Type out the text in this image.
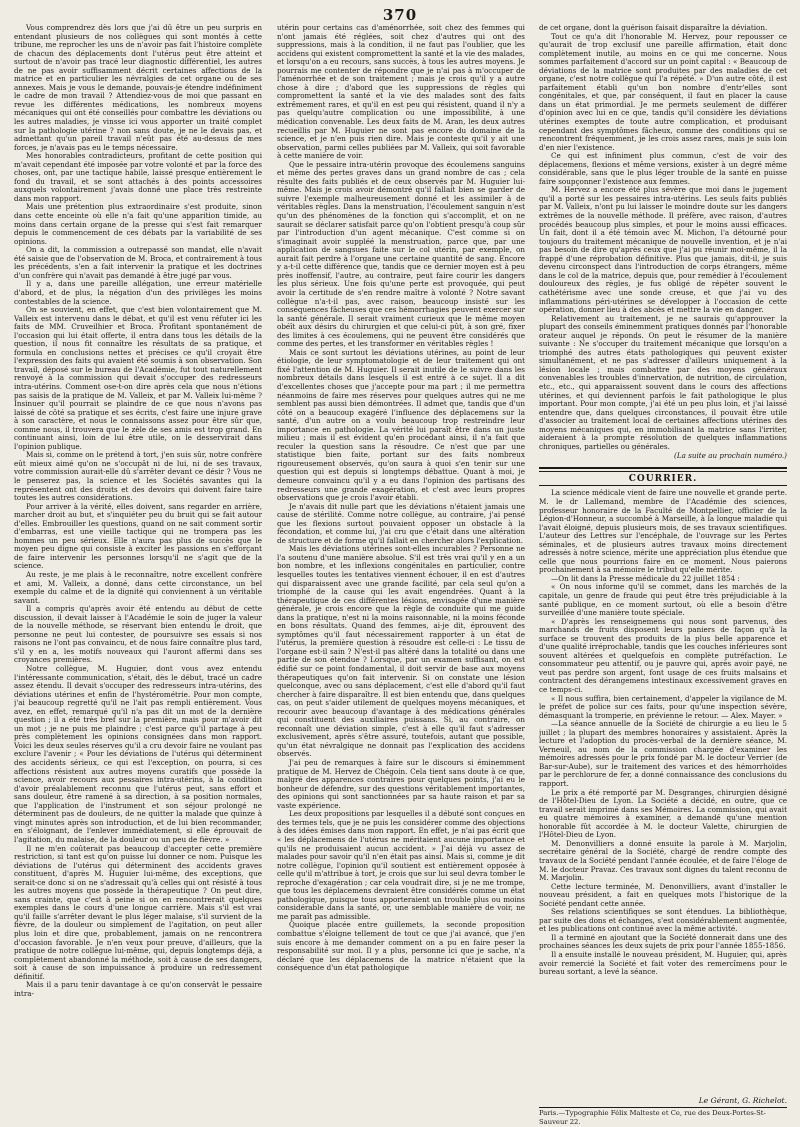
370

Vous comprendrez dès lors que j'ai dû être un peu surpris en entendant plusieurs de nos collègues qui sont montés à cette tribune, me reprocher les uns de n'avoir pas fait l'histoire complète de chacun des déplacements dont l'utérus peut être atteint et surtout de n'avoir pas tracé leur diagnostic différentiel, les autres de ne pas avoir suffisamment décrit certaines affections de la matrice et en particulier les névralgies de cet organe ou de ses annexes. Mais je vous le demande, pouvais-je étendre indéfiniment le cadre de mon travail ? Attendiez-vous de moi que passant en revue les différentes médications, les nombreux moyens mécaniques qui ont été conseillés pour combattre les déviations ou les autres maladies, je vinsse ici vous apporter un traité complet sur la pathologie utérine ? non sans doute, je ne le devais pas, et admettant qu'un pareil travail n'eût pas été au-dessus de mes forces, je n'avais pas eu le temps nécessaire.

Mes honorables contradicteurs, profitant de cette position qui m'avait cependant été imposée par votre volonté et par la force des choses, ont, par une tactique habile, laissé presque entièrement le fond du travail, et se sont attachés à des points accessoires auxquels volontairement j'avais donné une place très restreinte dans mon rapport.

Mais une prétention plus extraordinaire s'est produite, sinon dans cette enceinte où elle n'a fait qu'une apparition timide, au moins dans certain organe de la presse qui s'est fait remarquer depuis le commencement de ces débats par la variabilité de ses opinions.

On a dit, la commission a outrepassé son mandat, elle n'avait été saisie que de l'observation de M. Broca, et contrairement à tous les précédents, s'en a fait intervenir la pratique et les doctrines d'un confrère qui n'avait pas demandé à être jugé par vous.

Il y a, dans une pareille allégation, une erreur matérielle d'abord, et de plus, la négation d'un des privilèges les moins contestables de la science.

On se souvient, en effet, que c'est bien volontairement que M. Valleix est intervenu dans le débat, et qu'il est venu réfuter ici les faits de MM. Cruveilhier et Broca. Profitant spontanément de l'occasion qui lui était offerte, il entra dans tous les détails de la question, il nous fit connaître les résultats de sa pratique, et formula en conclusions nettes et précises ce qu'il croyait être l'expression des faits qui avaient été soumis à son observation. Son travail, déposé sur le bureau de l'Académie, fut tout naturellement renvoyé à la commission qui devait s'occuper des redresseurs intra-utérins. Comment ose-t-on dire après cela que nous n'étions pas saisis de la pratique de M. Valleix, et par M. Valleix lui-même ? Insinuer qu'il pourrait se plaindre de ce que nous n'avons pas laissé de côté sa pratique et ses écrits, c'est faire une injure grave à son caractère, et nous le connaissons assez pour être sûr que, comme nous, il trouvera que le zèle de ses amis est trop grand. En continuant ainsi, loin de lui être utile, on le desservirait dans l'opinion publique.

Mais si, comme on le prétend à tort, j'en suis sûr, notre confrère eût mieux aimé qu'on ne s'occupât ni de lui, ni de ses travaux, votre commission aurait-elle dû s'arrêter devant ce désir ? Vous ne le penserez pas, la science et les Sociétés savantes qui la représentent ont des droits et des devoirs qui doivent faire taire toutes les autres considérations.

Pour arriver à la vérité, elles doivent, sans regarder en arrière, marcher droit au but, et s'inquiéter peu du bruit qui se fait autour d'elles. Embrouiller les questions, quand on ne sait comment sortir d'embarras, est une vieille tactique qui ne trompera pas les hommes un peu sérieux. Elle n'aura pas plus de succès que le moyen peu digne qui consiste à exciter les passions en s'efforçant de faire intervenir les personnes lorsqu'il ne s'agit que de la science.

Au reste, je me plais à le reconnaître, notre excellent confrère et ami, M. Valleix, a donné, dans cette circonstance, un bel exemple du calme et de la dignité qui conviennent à un véritable savant.

Il a compris qu'après avoir été entendu au début de cette discussion, il devait laisser à l'Académie le soin de juger la valeur de la nouvelle méthode, se réservant bien entendu le droit, que personne ne peut lui contester, de poursuivre ses essais si nos raisons ne l'ont pas convaincu, et de nous faire connaître plus tard, s'il y en a, les motifs nouveaux qui l'auront affermi dans ses croyances premières.

Notre collègue, M. Huguier, dont vous avez entendu l'intéressante communication, s'était, dès le début, tracé un cadre assez étendu. Il devait s'occuper des redresseurs intra-utérins, des déviations utérines et enfin de l'hystérométrie. Pour mon compte, j'ai beaucoup regretté qu'il ne l'ait pas rempli entièrement. Vous avez, en effet, remarqué qu'il n'a pas dit un mot de la dernière question ; il a été très bref sur la première, mais pour m'avoir dit un mot ; je ne puis me plaindre ; c'est parce qu'il partage à peu près complètement les opinions consignées dans mon rapport. Voici les deux seules réserves qu'il a cru devoir faire ne voulant pas exclure l'avenir ; « Pour les déviations de l'utérus qui déterminent des accidents sérieux, ce qui est l'exception, on pourra, si ces affections résistent aux autres moyens curatifs que possède la science, avoir recours aux pessaires intra-utérins, à la condition d'avoir préalablement reconnu que l'utérus peut, sans effort et sans douleur, être ramené à sa direction, à sa position normales, que l'application de l'instrument et son séjour prolongé ne déterminent pas de douleurs, de ne quitter la malade que quinze à vingt minutes après son introduction, et de lui bien recommander, en s'éloignant, de l'enlever immédiatement, si elle éprouvait de l'agitation, du malaise, de la douleur ou un peu de fièvre. »

Il ne m'en coûterait pas beaucoup d'accepter cette première restriction, si tant est qu'on puisse lui donner ce nom. Puisque les déviations de l'utérus qui déterminent des accidents graves constituent, d'après M. Huguier lui-même, des exceptions, que serait-ce donc si on ne s'adressait qu'à celles qui ont résisté à tous les autres moyens que possède la thérapeutique ? On peut dire, sans crainte, que c'est à peine si on en rencontrerait quelques exemples dans le cours d'une longue carrière. Mais s'il est vrai qu'il faille s'arrêter devant le plus léger malaise, s'il survient de la fièvre, de la douleur ou simplement de l'agitation, on peut aller plus loin et dire que, probablement, jamais on ne rencontrera d'occasion favorable. Je n'en veux pour preuve, d'ailleurs, que la pratique de notre collègue lui-même, qui, depuis longtemps déjà, a complètement abandonné la méthode, soit à cause de ses dangers, soit à cause de son impuissance à produire un redressement définitif.

Mais il a paru tenir davantage à ce qu'on conservât le pessaire intra-

utérin pour certains cas d'aménorrhée, soit chez des femmes qui n'ont jamais été réglées, soit chez d'autres qui ont des suppressions, mais à la condition, il ne faut pas l'oublier, que les accidens qui existent compromettent la santé et la vie des malades, et lorsqu'on a eu recours, sans succès, à tous les autres moyens. Je pourrais me contenter de répondre que je n'ai pas à m'occuper de l'aménorrhée et de son traitement ; mais je crois qu'il y a autre chose à dire ; d'abord que les suppressions de règles qui compromettent la santé et la vie des malades sont des faits extrêmement rares, et qu'il en est peu qui résistent, quand il n'y a pas quelqu'autre complication ou une impossibilité, à une médication convenable. Les deux faits de M. Aran, les deux autres recueillis par M. Huguier ne sont pas encore du domaine de la science, et je n'en puis rien dire. Mais je conteste qu'il y ait une observation, parmi celles publiées par M. Valleix, qui soit favorable à cette manière de voir.

Que le pessaire intra-utérin provoque des écoulemens sanguins et même des pertes graves dans un grand nombre de cas ; cela résulte des faits publiés et de ceux observés par M. Huguier lui-même. Mais je crois avoir démontré qu'il fallait bien se garder de suivre l'exemple malheureusement donné et les assimiler à de véritables règles. Dans la menstruation, l'écoulement sanguin n'est qu'un des phénomènes de la fonction qui s'accomplit, et on ne saurait se déclarer satisfait parce qu'on l'obtient presqu'à coup sûr par l'introduction d'un agent mécanique. C'est comme si on s'imaginait avoir suppléé la menstruation, parce que, par une application de sangsues faite sur le col utérin, par exemple, on aurait fait perdre à l'organe une certaine quantité de sang. Encore y a-t-il cette différence que, tandis que ce dernier moyen est à peu près inoffensif, l'autre, au contraire, peut faire courir les dangers les plus sérieux. Une fois qu'une perte est provoquée, qui peut avoir la certitude de s'en rendre maître à volonté ? Notre savant collègue n'a-t-il pas, avec raison, beaucoup insisté sur les conséquences fâcheuses que ces hémorrhagies peuvent exercer sur la santé générale. Il serait vraiment curieux que le même moyen obéît aux désirs du chirurgien et que celui-ci pût, à son gré, fixer des limites à ces écoulemens, qui ne peuvent être considérés que comme des pertes, et les transformer en véritables règles !

Mais ce sont surtout les déviations utérines, au point de leur étiologie, de leur symptomatologie et de leur traitement qui ont fixé l'attention de M. Huguier. Il serait inutile de le suivre dans les nombreux détails dans lesquels il est entré à ce sujet. Il a dit d'excellentes choses que j'accepte pour ma part ; il me permettra néanmoins de faire mes réserves pour quelques autres qui ne me semblent pas aussi bien démontrées. Il admet que, tandis que d'un côté on a beaucoup exagéré l'influence des déplacemens sur la santé, d'un autre on a voulu beaucoup trop restreindre leur importance en pathologie. La vérité lui paraît être dans un juste milieu ; mais il est évident qu'en procédant ainsi, il n'a fait que reculer la question sans la résoudre. Ce n'est que par une statistique bien faite, portant sur des faits nombreux rigoureusement observés, qu'on saura à quoi s'en tenir sur une question qui est depuis si longtemps débattue. Quant à moi, je demeure convaincu qu'il y a eu dans l'opinion des partisans des redresseurs une grande exagération, et c'est avec leurs propres observations que je crois l'avoir établi.

Je n'avais dit nulle part que les déviations n'étaient jamais une cause de stérilité. Comme notre collègue, au contraire, j'ai pensé que les flexions surtout pouvaient opposer un obstacle à la fécondation, et comme lui, j'ai cru que c'était dans une altération de structure et de forme qu'il fallait en chercher alors l'explication.

Mais les déviations utérines sont-elles incurables ? Personne ne l'a soutenu d'une manière absolue. S'il est très vrai qu'il y en a un bon nombre, et les inflexions congénitales en particulier, contre lesquelles toutes les tentatives viennent échouer, il en est d'autres qui disparaissent avec une grande facilité, par cela seul qu'on a triomphé de la cause qui les avait engendrées. Quant à la thérapeutique de ces différentes lésions, envisagée d'une manière générale, je crois encore que la règle de conduite qui me guide dans la pratique, n'est ni la moins raisonnable, ni la moins féconde en bons résultats. Quand des femmes, ai-je dit, éprouvent des symptômes qu'il faut nécessairement rapporter à un état de l'utérus, la première question à résoudre est celle-ci : Le tissu de l'organe est-il sain ? N'est-il pas altéré dans la totalité ou dans une partie de son étendue ? Lorsque, par un examen suffisant, on est édifié sur ce point fondamental, il doit servir de base aux moyens thérapeutiques qu'on fait intervenir. Si on constate une lésion quelconque, avec ou sans déplacement, c'est elle d'abord qu'il faut chercher à faire disparaître. Il est bien entendu que, dans quelques cas, on peut s'aider utilement de quelques moyens mécaniques, et recourir avec beaucoup d'avantage à des médications générales qui constituent des auxiliaires puissans. Si, au contraire, on reconnaît une déviation simple, c'est à elle qu'il faut s'adresser exclusivement, après s'être assuré, toutefois, autant que possible, qu'un état névralgique ne donnait pas l'explication des accidens observés.

J'ai peu de remarques à faire sur le discours si éminemment pratique de M. Hervez de Chégoin. Cela tient sans doute à ce que, malgré des apparences contraires pour quelques points, j'ai eu le bonheur de défendre, sur des questions véritablement importantes, des opinions qui sont sanctionnées par sa haute raison et par sa vaste expérience.

Les deux propositions par lesquelles il a débuté sont conçues en des termes tels, que je ne puis les considérer comme des objections à des idées émises dans mon rapport. En effet, je n'ai pas écrit que « les déplacemens de l'utérus ne méritaient aucune importance et qu'ils ne produisaient aucun accident. » J'ai déjà vu assez de malades pour savoir qu'il n'en était pas ainsi. Mais si, comme je dit notre collègue, l'opinion qu'il soutient est entièrement opposée à celle qu'il m'attribue à tort, je crois que sur lui seul devra tomber le reproche d'exagération ; car cela voudrait dire, si je ne me trompe, que tous les déplacemens devraient être considérés comme un état pathologique, puisque tous apporteraient un trouble plus ou moins considérable dans la santé, or, une semblable manière de voir, ne me paraît pas admissible.

Quoique placée entre guillemets, la seconde proposition combattue s'éloigne tellement de tout ce que j'ai avancé, que j'en suis encore à me demander comment on a pu en faire peser la responsabilité sur moi. Il y a plus, personne ici que je sache, n'a déclaré que les déplacemens de la matrice n'étaient que la conséquence d'un état pathologique

de cet organe, dont la guérison faisait disparaître la déviation.

Tout ce qu'a dit l'honorable M. Hervez, pour repousser ce qu'aurait de trop exclusif une pareille affirmation, était donc complètement inutile, au moins en ce qui me concerne. Nous sommes parfaitement d'accord sur un point capital : « Beaucoup de déviations de la matrice sont produites par des maladies de cet organe, c'est notre collègue qui l'a répété. » D'un autre côté, il est parfaitement établi qu'un bon nombre d'entr'elles sont congénitales, et que, par conséquent, il faut en placer la cause dans un état primordial. Je me permets seulement de différer d'opinion avec lui en ce que, tandis qu'il considère les déviations utérines exemptes de toute autre complication, et produisant cependant des symptômes fâcheux, comme des conditions qui se rencontrent fréquemment, je les crois assez rares, mais je suis loin d'en nier l'existence.

Ce qui est infiniment plus commun, c'est de voir des déplacemens, flexions et même versions, exister à un degré même considérable, sans que le plus léger trouble de la santé en puisse faire soupçonner l'existence aux femmes.

M. Hervez a encore été plus sévère que moi dans le jugement qu'il a porté sur les pessaires intra-utérins. Les seuls faits publiés par M. Valleix, n'ont pu lui laisser le moindre doute sur les dangers extrêmes de la nouvelle méthode. Il préfère, avec raison, d'autres procédés beaucoup plus simples, et pour le moins aussi efficaces. Un fait, dont il a été témoin avec M. Michon, l'a détourné pour toujours du traitement mécanique de nouvelle invention, et je n'ai pas besoin de dire qu'après ceux que j'ai pu réunir moi-même, il la frappé d'une réprobation définitive. Plus que jamais, dit-il, je suis devenu circonspect dans l'introduction de corps étrangers, même dans le col de la matrice, depuis que, pour remédier à l'écoulement douloureux des règles, je fus obligé de répéter souvent le cathétérisme avec une sonde creuse, et que j'ai vu des inflammations péri-utérines se développer à l'occasion de cette opération, donner lieu à des abcès et mettre la vie en danger.

Relativement au traitement, je ne saurais qu'approuver la plupart des conseils éminemment pratiques donnés par l'honorable orateur auquel je réponds. On peut le résumer de la manière suivante : Ne s'occuper du traitement mécanique que lorsqu'on a triomphé des autres états pathologiques qui peuvent exister simultanément, et ne pas s'adresser d'ailleurs uniquement à la lésion locale ; mais combattre par des moyens généraux convenables les troubles d'innervation, de nutrition, de circulation, etc., etc., qui apparaissent souvent dans le cours des affections utérines, et qui deviennent parfois le fait pathologique le plus important. Pour mon compte, j'ai été un peu plus loin, et j'ai laissé entendre que, dans quelques circonstances, il pouvait être utile d'associer au traitement local de certaines affections utérines des moyens mécaniques qui, en immobilisant la matrice sans l'irriter, aideraient à la prompte résolution de quelques inflammations chroniques, partielles ou générales.

(La suite au prochain numéro.)

COURRIER.

La science médicale vient de faire une nouvelle et grande perte. M. le dr Lallemand, membre de l'Académie des sciences, professeur honoraire de la Faculté de Montpellier, officier de la Légion-d'Honneur, a succombé à Marseille, à la longue maladie qui l'avait éloigné, depuis plusieurs mois, de ses travaux scientifiques. L'auteur des Lettres sur l'encéphale, de l'ouvrage sur les Pertes séminales, et de plusieurs autres travaux moins directement adressés à notre science, mérite une appréciation plus étendue que celle que nous pourrions faire en ce moment. Nous paierons prochainement à sa mémoire le tribut qu'elle mérite.

—On lit dans la Presse médicale du 22 juillet 1854 :

« On nous informe qu'il se commet, dans les marchés de la capitale, un genre de fraude qui peut être très préjudiciable à la santé publique, en ce moment surtout, où elle a besoin d'être surveillée d'une manière toute spéciale.

« D'après les renseignemens qui nous sont parvenus, des marchands de fruits disposent leurs paniers de façon qu'à la surface se trouvent des produits de la plus belle apparence et d'une qualité irréprochable, tandis que les couches inférieures sont souvent altérées et quelquefois en complète putréfaction. Le consommateur peu attentif, ou je pauvre qui, après avoir payé, ne veut pas perdre son argent, font usage de ces fruits malsains et contractent des dérangemens intestinaux excessivement graves en ce temps-ci.

« Il nous suffira, bien certainement, d'appeler la vigilance de M. le préfet de police sur ces faits, pour qu'une inspection sévère, démasquant la tromperie, en prévienne le retour. — Alex. Mayer. »

—La séance annuelle de la Société de chirurgie a eu lieu le 5 juillet ; la plupart des membres honoraires y assistaient. Après la lecture et l'adoption du procès-verbal de la dernière séance, M. Verneuil, au nom de la commission chargée d'examiner les mémoires adressés pour le prix fondé par M. le docteur Verrier (de Bar-sur-Aube), sur le traitement des varices et des hémorrhoïdes par le perchlorure de fer, a donné connaissance des conclusions du rapport.

Le prix a été remporté par M. Desgranges, chirurgien désigné de l'Hôtel-Dieu de Lyon. La Société a décidé, en outre, que ce travail serait imprimé dans ses Mémoires. La commission, qui avait eu quatre mémoires à examiner, a demandé qu'une mention honorable fût accordée à M. le docteur Valette, chirurgien de l'Hôtel-Dieu de Lyon.

M. Denonvilliers a donné ensuite la parole à M. Marjolin, secrétaire général de la Société, chargé de rendre compte des travaux de la Société pendant l'année écoulée, et de faire l'éloge de M. le docteur Pravaz. Ces travaux sont dignes du talent reconnu de M. Marjolin.

Cette lecture terminée, M. Denonvilliers, avant d'installer le nouveau président, a fait en quelques mots l'historique de la Société pendant cette année.

Ses relations scientifiques se sont étendues. La bibliothèque, par suite des dons et échanges, s'est considérablement augmentée, et les publications ont continué avec la même activité.

Il a terminé en ajoutant que la Société donnerait dans une des prochaines séances les deux sujets de prix pour l'année 1855-1856.

Il a ensuite installé le nouveau président, M. Huguier, qui, après avoir remercié la Société et fait voter des remercîmens pour le bureau sortant, a levé la séance.

Le Gérant, G. Richelot.
Paris.—Typographie Félix Malteste et Ce, rue des Deux-Portes-St-Sauveur 22.
